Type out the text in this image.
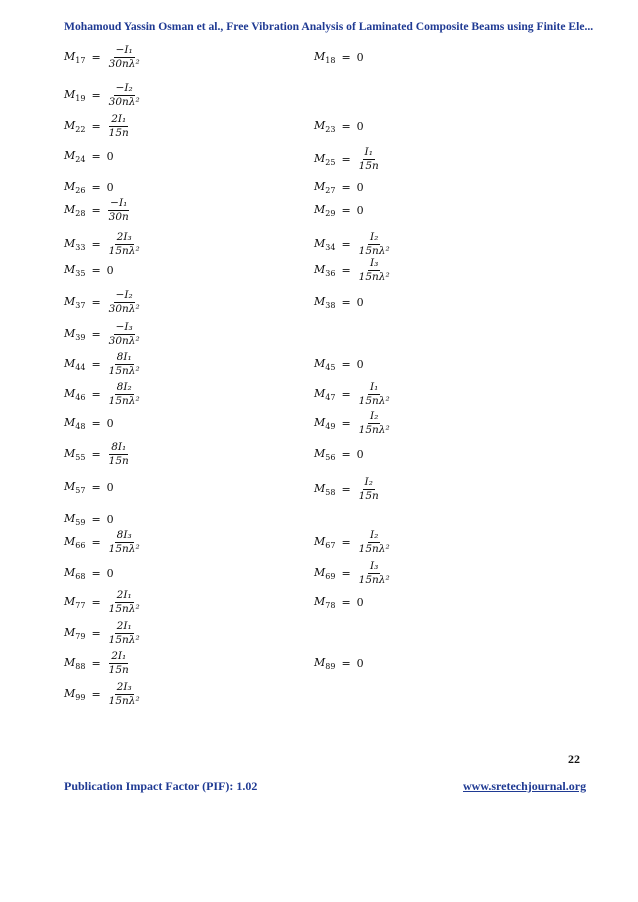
Mohamoud Yassin Osman et al., Free Vibration Analysis of Laminated Composite Beams using Finite Ele...
$M_{17} = \frac{\text{−I₁}}{\text{30nλ²}}$
$M_{19} = \frac{\text{−I₂}}{\text{30nλ²}}$
$M_{22} = \frac{\text{2I₁}}{15n}$
$M_{24} = 0$
$M_{26} = 0$
$M_{28} = \frac{\text{−I₁}}{30n}$
$M_{33} = \frac{\text{2I₃}}{\text{15nλ²}}$
$M_{35} = 0$
$M_{37} = \frac{\text{−I₂}}{\text{30nλ²}}$
$M_{39} = \frac{\text{−I₃}}{\text{30nλ²}}$
$M_{44} = \frac{\text{8I₁}}{\text{15nλ²}}$
$M_{46} = \frac{\text{8I₂}}{\text{15nλ²}}$
$M_{48} = 0$
$M_{55} = \frac{\text{8I₁}}{15n}$
$M_{57} = 0$
$M_{59} = 0$
$M_{66} = \frac{\text{8I₃}}{\text{15nλ²}}$
$M_{68} = 0$
$M_{77} = \frac{\text{2I₁}}{\text{15nλ²}}$
$M_{79} = \frac{\text{2I₁}}{\text{15nλ²}}$
$M_{88} = \frac{\text{2I₁}}{15n}$
$M_{99} = \frac{\text{2I₃}}{\text{15nλ²}}$
$M_{18} = 0$
$M_{23} = 0$
$M_{25} = \frac{\text{I₁}}{15n}$
$M_{27} = 0$
$M_{29} = 0$
$M_{34} = \frac{\text{I₂}}{\text{15nλ²}}$
$M_{36} = \frac{\text{I₃}}{\text{15nλ²}}$
$M_{38} = 0$
$M_{45} = 0$
$M_{47} = \frac{\text{I₁}}{\text{15nλ²}}$
$M_{49} = \frac{\text{I₂}}{\text{15nλ²}}$
$M_{56} = 0$
$M_{58} = \frac{\text{I₂}}{15n}$
$M_{67} = \frac{\text{I₂}}{\text{15nλ²}}$
$M_{69} = \frac{\text{I₃}}{\text{15nλ²}}$
$M_{78} = 0$
$M_{89} = 0$
22
Publication Impact Factor (PIF): 1.02	www.sretechjournal.org
